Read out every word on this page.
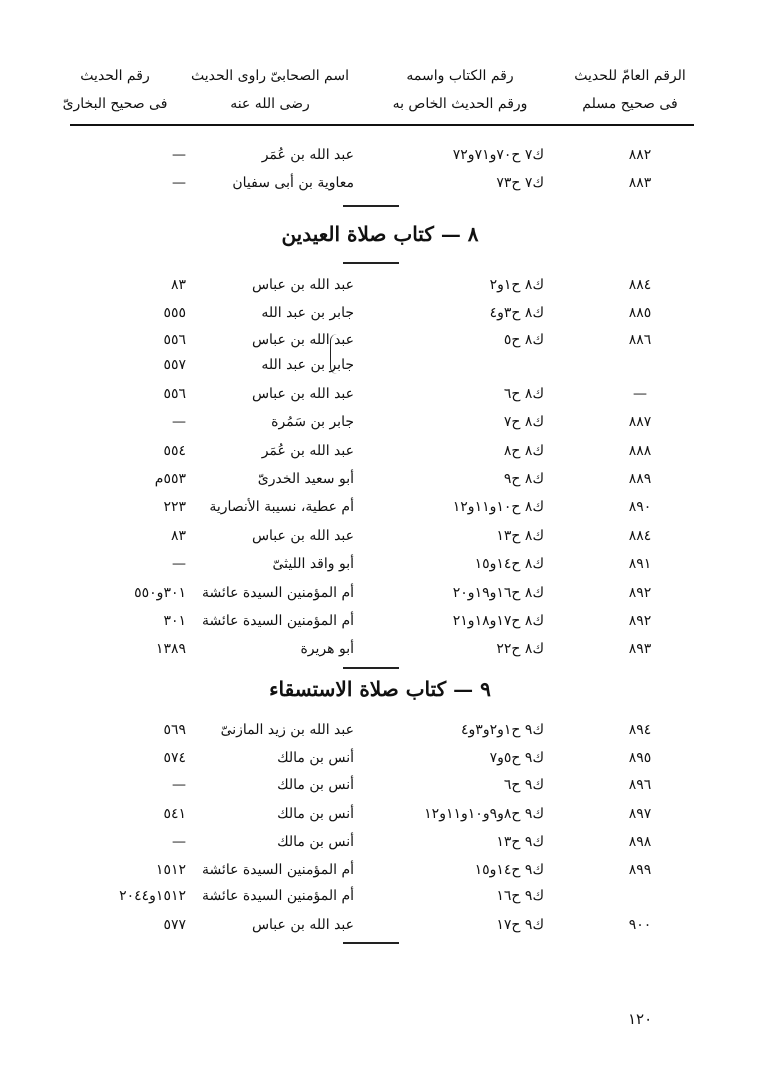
الرقم العامّ للحديث
فى صحيح مسلم
رقم الكتاب واسمه
ورقم الحديث الخاص به
اسم الصحابىّ راوى الحديث
رضى الله عنه
رقم الحديث
فى صحيح البخارىّ
٨٨٢
ك٧ ح٧٠و٧١و٧٢
عبد الله بن عُمَر
—
٨٨٣
ك٧ ح٧٣
معاوية بن أبى سفيان
—
٨ — كتاب صلاة العيدين
٨٨٤
ك٨ ح١و٢
عبد الله بن عباس
٨٣
٨٨٥
ك٨ ح٣و٤
جابر بن عبد الله
٥٥٥
٨٨٦
ك٨ ح٥
عبد الله بن عباس
٥٥٦
جابر بن عبد الله
٥٥٧
—
ك٨ ح٦
عبد الله بن عباس
٥٥٦
٨٨٧
ك٨ ح٧
جابر بن سَمُرة
—
٨٨٨
ك٨ ح٨
عبد الله بن عُمَر
٥٥٤
٨٨٩
ك٨ ح٩
أبو سعيد الخدرىّ
٥٥٣م
٨٩٠
ك٨ ح١٠و١١و١٢
أم عطية، نسيبة الأنصارية
٢٢٣
٨٨٤
ك٨ ح١٣
عبد الله بن عباس
٨٣
٨٩١
ك٨ ح١٤و١٥
أبو واقد الليثىّ
—
٨٩٢
ك٨ ح١٦و١٩و٢٠
أم المؤمنين السيدة عائشة
٣٠١و٥٥٠
٨٩٢
ك٨ ح١٧و١٨و٢١
أم المؤمنين السيدة عائشة
٣٠١
٨٩٣
ك٨ ح٢٢
أبو هريرة
١٣٨٩
٩ — كتاب صلاة الاستسقاء
٨٩٤
ك٩ ح١و٢و٣و٤
عبد الله بن زيد المازنىّ
٥٦٩
٨٩٥
ك٩ ح٥و٧
أنس بن مالك
٥٧٤
٨٩٦
ك٩ ح٦
أنس بن مالك
—
٨٩٧
ك٩ ح٨و٩و١٠و١١و١٢
أنس بن مالك
٥٤١
٨٩٨
ك٩ ح١٣
أنس بن مالك
—
٨٩٩
ك٩ ح١٤و١٥
أم المؤمنين السيدة عائشة
١٥١٢
ك٩ ح١٦
أم المؤمنين السيدة عائشة
١٥١٢و٢٠٤٤
٩٠٠
ك٩ ح١٧
عبد الله بن عباس
٥٧٧
١٢٠
